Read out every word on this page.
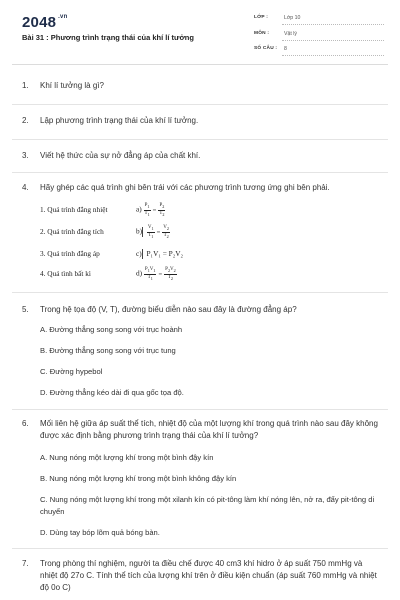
2048 $^{.vn}$
Bài 31 : Phương trình trạng thái của khí lí tưởng
LỚP :	Lớp 10
MÔN :	Vật lý
SỐ CÂU : 8
1.	Khí lí tưởng là gì?
2.	Lập phương trình trạng thái của khí lí tưởng.
3.	Viết hệ thức của sự nở đẳng áp của chất khí.
4.	Hãy ghép các quá trình ghi bên trái với các phương trình tương ứng ghi bên phải.
1. Quá trình đẳng nhiệt	$a) \frac{P_1}{T_1} = \frac{P_2}{T_2}$
2. Quá trình đẳng tích	$b) \frac{V_1}{T_1} = \frac{V_2}{T_2}$
3. Quá trình đẳng áp	c) P₁V₁ = P₂V₂
4. Quá tình bất kì	$d) \frac{P_1V_1}{T_1} = \frac{P_2V_2}{T_2}$
5.	Trong hệ tọa độ (V, T), đường biểu diễn nào sau đây là đường đẳng áp?
A. Đường thẳng song song với trục hoành
B. Đường thẳng song song với trục tung
C. Đường hypebol
D. Đường thẳng kéo dài đi qua gốc tọa độ.
6.	Mối liên hệ giữa áp suất thể tích, nhiệt độ của một lượng khí trong quá trình nào sau đây không được xác định bằng phương trình trạng thái của khí lí tưởng?
A. Nung nóng một lượng khí trong một bình đậy kín
B. Nung nóng một lượng khí trong một bình không đậy kín
C. Nung nóng một lượng khí trong một xilanh kín có pit-tông làm khí nóng lên, nở ra, đẩy pit-tông di chuyển
D. Dùng tay bóp lõm quả bóng bàn.
7.	Trong phòng thí nghiệm, người ta điều chế được 40 cm3 khí hidro ở áp suất 750 mmHg và nhiệt độ 27o C. Tính thể tích của lượng khí trên ở điều kiện chuẩn (áp suất 760 mmHg và nhiệt độ 0o C)
